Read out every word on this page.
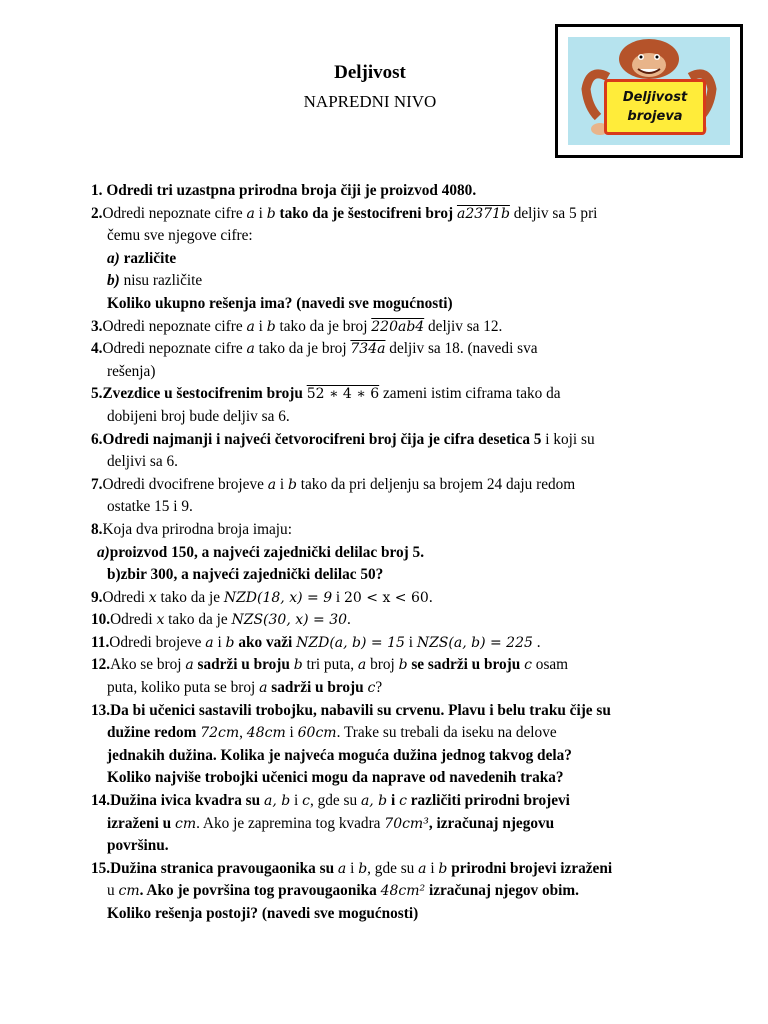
Deljivost
NAPREDNI NIVO	Deljivost
brojeva
1. Odredi tri uzastpna prirodna broja čiji je proizvod 4080.
2.Odredi nepoznate cifre a i b tako da je šestocifreni broj a2371b deljiv sa 5 pri
čemu sve njegove cifre:
a) različite
b) nisu različite
Koliko ukupno rešenja ima? (navedi sve mogućnosti)
3.Odredi nepoznate cifre a i b tako da je broj 220ab4 deljiv sa 12.
4.Odredi nepoznate cifre a tako da je broj 734a deljiv sa 18. (navedi sva
rešenja)
5.Zvezdice u šestocifrenim broju 52 ∗ 4 ∗ 6 zameni istim ciframa tako da
dobijeni broj bude deljiv sa 6.
6.Odredi najmanji i najveći četvorocifreni broj čija je cifra desetica 5 i koji su
deljivi sa 6.
7.Odredi dvocifrene brojeve a i b tako da pri deljenju sa brojem 24 daju redom
ostatke 15 i 9.
8.Koja dva prirodna broja imaju:
a)proizvod 150, a najveći zajednički delilac broj 5.
b)zbir 300, a najveći zajednički delilac 50?
9.Odredi x tako da je NZD(18, x) = 9 i 20 < x < 60.
10.Odredi x tako da je NZS(30, x) = 30.
11.Odredi brojeve a i b ako važi NZD(a, b) = 15 i NZS(a, b) = 225 .
12.Ako se broj a sadrži u broju b tri puta, a broj b se sadrži u broju c osam
puta, koliko puta se broj a sadrži u broju c?
13.Da bi učenici sastavili trobojku, nabavili su crvenu. Plavu i belu traku čije su
dužine redom 72cm, 48cm i 60cm. Trake su trebali da iseku na delove
jednakih dužina. Kolika je najveća moguća dužina jednog takvog dela?
Koliko najviše trobojki učenici mogu da naprave od navedenih traka?
14.Dužina ivica kvadra su a, b i c, gde su a, b i c različiti prirodni brojevi
izraženi u cm. Ako je zapremina tog kvadra 70cm³, izračunaj njegovu
površinu.
15.Dužina stranica pravougaonika su a i b, gde su a i b prirodni brojevi izraženi
u cm. Ako je površina tog pravougaonika 48cm² izračunaj njegov obim.
Koliko rešenja postoji? (navedi sve mogućnosti)
